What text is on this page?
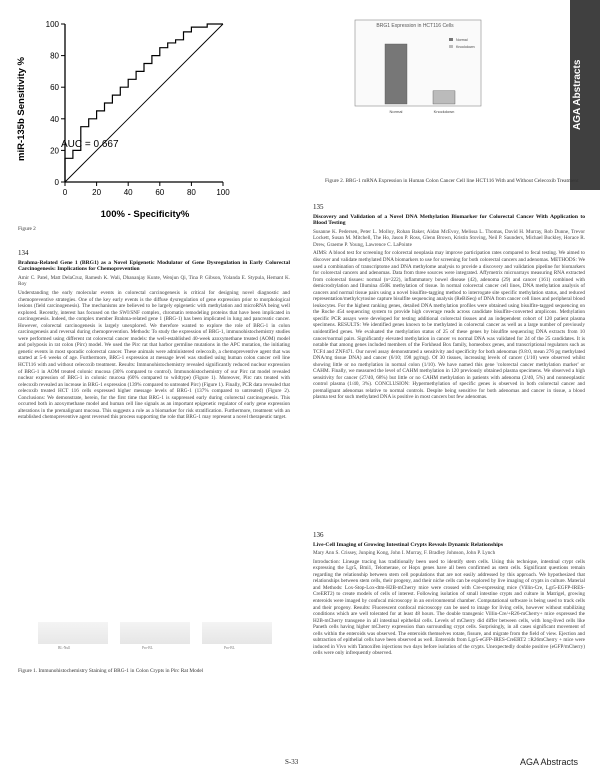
AGA Abstracts
0
20
40
60
80
100
0	20	40	60	80	100
AUC = 0.667
100% - Specificity%
miR-135b Sensitivity %
Figure 2
BRG1 Expression in HCT116 Cells
Normal	Knockdown
Normal
Knockdown
Figure 2. BRG-1 mRNA Expression in Human Colon Cancer Cell line HCT116 With and Without Celecoxib Treatment
134
Brahma-Related Gene 1 (BRG1) as a Novel Epigenetic Modulator of Gene Dysregulation in Early Colorectal Carcinogenesis: Implications for Chemoprevention
Amir C. Patel, Matt DelaCruz, Ramesh K. Wali, Dhananjay Kunte, Wenjun Qi, Tina P. Gibson, Yolanda E. Stypula, Hemant K. Roy
Understanding the early molecular events in colorectal carcinogenesis is critical for designing novel diagnostic and chemopreventive strategies. One of the key early events is the diffuse dysregulation of gene expression prior to morphological lesions (field carcinogenesis). The mechanisms are believed to be largely epigenetic with methylation and microRNA being well explored. Recently, interest has focused on the SWI/SNF complex, chromatin remodeling proteins that have been implicated in carcinogenesis. Indeed, the complex member Brahma-related gene 1 (BRG-1) has been implicated in lung and pancreatic cancer. However, colorectal carcinogenesis is largely unexplored. We therefore wanted to explore the role of BRG-1 in colon carcinogenesis and reversal during chemoprevention. Methods: To study the expression of BRG-1, immunohistochemistry studies were performed using different rat colorectal cancer models: the well-established 40-week azoxymethane treated (AOM) model and polyposis in rat colon (Pirc) model. We used the Pirc rat that harbor germline mutations in the APC mutation, the initiating genetic events in most sporadic colorectal cancer. These animals were administered celecoxib, a chemopreventive agent that was started at 5-6 weeks of age. Furthermore, BRG-1 expression at message level was studied using human colon cancer cell line HCT116 with and without celecoxib treatment. Results: Immunohistochemistry revealed significantly reduced nuclear expression of BRG-1 in AOM treated colonic mucosa (30% compared to control). Immunohistochemistry of our Pirc rat model revealed nuclear expression of BRG-1 in colonic mucosa (60% compared to wildtype) (Figure 1). Moreover, Pirc rats treated with celecoxib revealed an increase in BRG-1 expression (139% compared to untreated Pirc) (Figure 1). Finally, PCR data revealed that celecoxib treated HCT 116 cells expressed higher message levels of BRG-1 (137% compared to untreated) (Figure 2). Conclusions: We demonstrate, herein, for the first time that BRG-1 is suppressed early during colorectal carcinogenesis. This occurred both in azoxymethane model and human cell line signals as an important epigenetic regulator of early gene expression alterations in the premalignant mucosa. This suggests a role as a biomarker for risk stratification. Furthermore, treatment with an established chemopreventive agent reversed this process supporting the role that BRG-1 may represent a novel therapeutic target.
BL-Null	Pro-BL	Pro-BL
Figure 1. Immunohistochemistry Staining of BRG-1 in Colon Crypts in Pirc Rat Model
135
Discovery and Validation of a Novel DNA Methylation Biomarker for Colorectal Cancer With Application to Blood Testing
Susanne K. Pedersen, Peter L. Molloy, Rohan Baker, Aidan McEvoy, Melissa L. Thomas, David H. Murray, Rob Dunne, Trevor Lockett, Susan M. Mitchell, The Ho, Jason P. Ross, Glenn Brown, Kristin Stoving, Neil P. Saunders, Michael Buckley, Horace R. Drew, Graeme P. Young, Lawrence C. LaPointe
AIMS: A blood test for screening for colorectal neoplasia may improve participation rates compared to fecal testing. We aimed to discover and validate methylated DNA biomarkers to use for screening for both colorectal cancers and adenomas. METHODS: We used a combination of transcriptome and DNA methylome analysis to provide a discovery and validation pipeline for biomarkers for colorectal cancers and adenomas. Data from three sources were integrated. Affymetrix microarrays measuring RNA extracted from colorectal tissues: normal (n=222), inflammatory bowel disease (42), adenoma (29) and cancer (161) combined with demicrodrylation and Illumina 450K methylation of tissue. In normal colorectal cancer cell lines, DNA methylation analysis of cancers and normal tissue pairs using a novel bisulfite-tagging method to interrogate site specific methylation status, and reduced representation/methylcytosine capture bisulfite sequencing analysis (ReBiSeq) of DNA from cancer cell lines and peripheral blood leukocytes. For the highest ranking genes, detailed DNA methylation profiles were obtained using bisulfite-tagged sequencing on the Roche 454 sequencing system to provide high coverage reads across candidate bisulfite-converted amplicons. Methylation specific PCR assays were developed for testing additional colorectal tissues and an independent cohort of 120 patient plasma specimens. RESULTS: We identified genes known to be methylated in colorectal cancer as well as a large number of previously unidentified genes. We evaluated the methylation status of 25 of these genes by bisulfite sequencing DNA extracts from 10 cancer/normal pairs. Significantly elevated methylation in cancer vs normal DNA was validated for 24 of the 25 candidates. It is notable that among genes included members of the Forkhead Box family, homeobox genes, and transcriptional regulators such as TCF4 and ZNF471. Our novel assay demonstrated a sensitivity and specificity for both adenomas (9.8:0, mean 276 pg methylated DNA/mg tissue DNA) and cancer (6/10; 198 pg/mg). Of 30 tissues, increasing levels of cancer (1/10) were observed whilst showing little or no methylation in normal colon (1/10). We have named this gene 'colorectal cancer methylation marker' or CAHM. Finally, we measured the level of CAHM methylation in 120 previously obtained plasma specimens. We observed a high sensitivity for cancer (27/40, 68%) but little or no CAHM methylation in patients with adenoma (2/40, 5%) and nonneoplastic control plasma (1/40, 3%). CONCLUSION: Hypermethylation of specific genes is observed in both colorectal cancer and premalignant adenomas relative to normal controls. Despite being sensitive for both adenomas and cancer in tissue, a blood plasma test for such methylated DNA is positive in most cancers but few adenomas.
136
Live-Cell Imaging of Growing Intestinal Crypts Reveals Dynamic Relationships
Mary Ann S. Crissey, Junping Kong, John I. Murray, F. Bradley Johnson, John P. Lynch
Introduction: Lineage tracing has traditionally been used to identify stem cells. Using this technique, intestinal crypt cells expressing the Lgr5, Bmi1, Telomerase, or Hopx genes have all been confirmed as stem cells. Significant questions remain regarding the relationship between stem cell populations that are not easily addressed by this approach. We hypothesized that relationships between stem cells, their progeny, and their niche cells can be explored by live imaging of crypts in culture. Material and Methods: Lox-Stop-Lox-dtm-H2B-mCherry mice were crossed with Cre-expressing mice (Villin-Cre, Lgr5-EGFP-IRES-CreERT2) to create models of cells of interest. Following isolation of small intestine crypts and culture in Matrigel, growing enteroids were imaged by confocal microscopy in an environmental chamber. Computational software is being used to track cells and their progeny. Results: Fluorescent confocal microscopy can be used to image for living cells, however without stabilizing conditions which are well tolerated for at least 48 hours. The double transgenic Villin-Cre/+R26-mCherry+ mice expressed the H2B-mCherry transgene in all intestinal epithelial cells. Levels of mCherry did differ between cells, with long-lived cells like Paneth cells having higher mCherry expression than surrounding crypt cells. Surprisingly, in all cases significant movement of cells within the enteroids was observed. The enteroids themselves rotate, fissure, and migrate from the field of view. Ejection and subtraction of epithelial cells have been observed as well. Enteroids from Lgr5-eGFP-IRES-CreERT2 ::R26mCherry + mice were induced in Vivo with Tamoxifen injections two days before isolation of the crypts. Unexpectedly double positive (eGFP/mCherry) cells were only infrequently observed.
S-33	AGA Abstracts
